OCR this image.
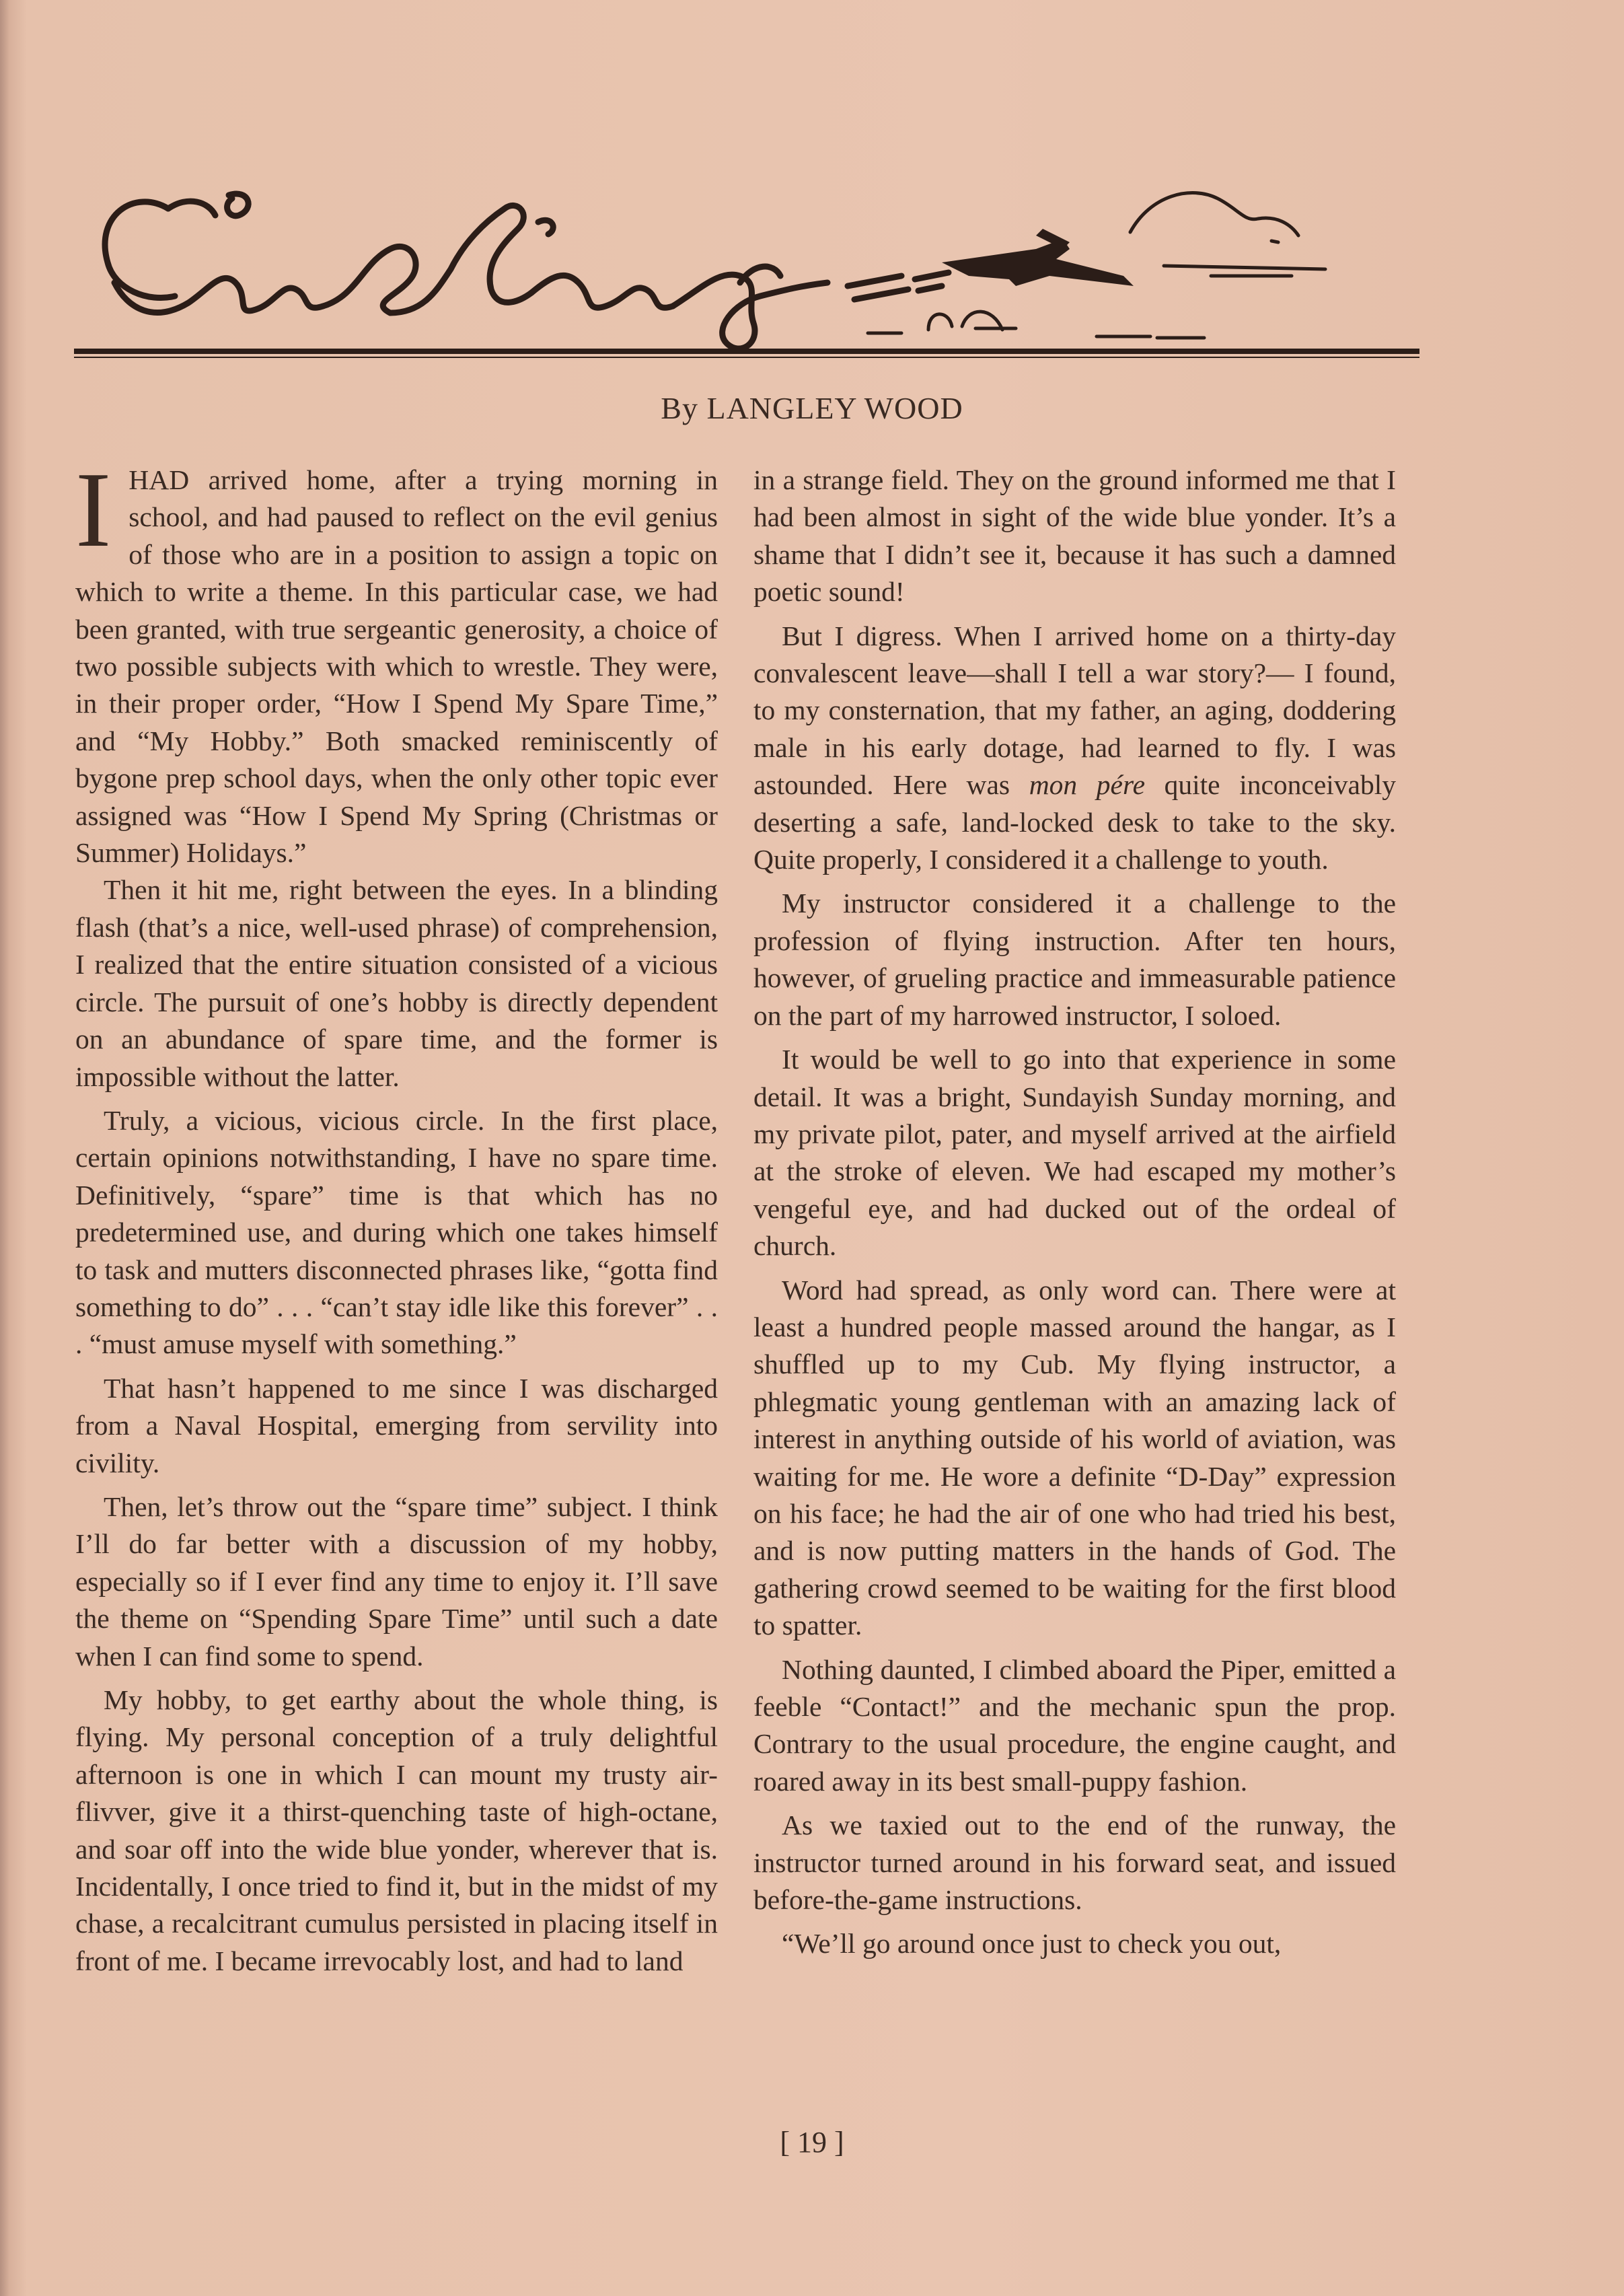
By LANGLEY WOOD

IHAD arrived home, after a trying morning in school, and had paused to reflect on the evil genius of those who are in a position to assign a topic on which to write a theme. In this particular case, we had been granted, with true sergeantic generosity, a choice of two possible subjects with which to wrestle. They were, in their proper order, “How I Spend My Spare Time,” and “My Hobby.” Both smacked reminiscently of bygone prep school days, when the only other topic ever assigned was “How I Spend My Spring (Christmas or Summer) Holidays.”

Then it hit me, right between the eyes. In a blinding flash (that’s a nice, well-used phrase) of comprehension, I realized that the entire situation consisted of a vicious circle. The pursuit of one’s hobby is directly dependent on an abundance of spare time, and the former is impossible without the latter.

Truly, a vicious, vicious circle. In the first place, certain opinions notwithstanding, I have no spare time. Definitively, “spare” time is that which has no predetermined use, and during which one takes himself to task and mutters disconnected phrases like, “gotta find something to do” . . . “can’t stay idle like this forever” . . . “must amuse myself with something.”

That hasn’t happened to me since I was discharged from a Naval Hospital, emerging from servility into civility.

Then, let’s throw out the “spare time” subject. I think I’ll do far better with a discussion of my hobby, especially so if I ever find any time to enjoy it. I’ll save the theme on “Spending Spare Time” until such a date when I can find some to spend.

My hobby, to get earthy about the whole thing, is flying. My personal conception of a truly delightful afternoon is one in which I can mount my trusty air-flivver, give it a thirst-quenching taste of high-octane, and soar off into the wide blue yonder, wherever that is. Incidentally, I once tried to find it, but in the midst of my chase, a recalcitrant cumulus persisted in placing itself in front of me. I became irrevocably lost, and had to land

in a strange field. They on the ground informed me that I had been almost in sight of the wide blue yonder. It’s a shame that I didn’t see it, because it has such a damned poetic sound!

But I digress. When I arrived home on a thirty-day convalescent leave—shall I tell a war story?— I found, to my consternation, that my father, an aging, doddering male in his early dotage, had learned to fly. I was astounded. Here was mon pére quite inconceivably deserting a safe, land-locked desk to take to the sky. Quite properly, I considered it a challenge to youth.

My instructor considered it a challenge to the profession of flying instruction. After ten hours, however, of grueling practice and immeasurable patience on the part of my harrowed instructor, I soloed.

It would be well to go into that experience in some detail. It was a bright, Sundayish Sunday morning, and my private pilot, pater, and myself arrived at the airfield at the stroke of eleven. We had escaped my mother’s vengeful eye, and had ducked out of the ordeal of church.

Word had spread, as only word can. There were at least a hundred people massed around the hangar, as I shuffled up to my Cub. My flying instructor, a phlegmatic young gentleman with an amazing lack of interest in anything outside of his world of aviation, was waiting for me. He wore a definite “D-Day” expression on his face; he had the air of one who had tried his best, and is now putting matters in the hands of God. The gathering crowd seemed to be waiting for the first blood to spatter.

Nothing daunted, I climbed aboard the Piper, emitted a feeble “Contact!” and the mechanic spun the prop. Contrary to the usual procedure, the engine caught, and roared away in its best small-puppy fashion.

As we taxied out to the end of the runway, the instructor turned around in his forward seat, and issued before-the-game instructions.

“We’ll go around once just to check you out,

[ 19 ]
